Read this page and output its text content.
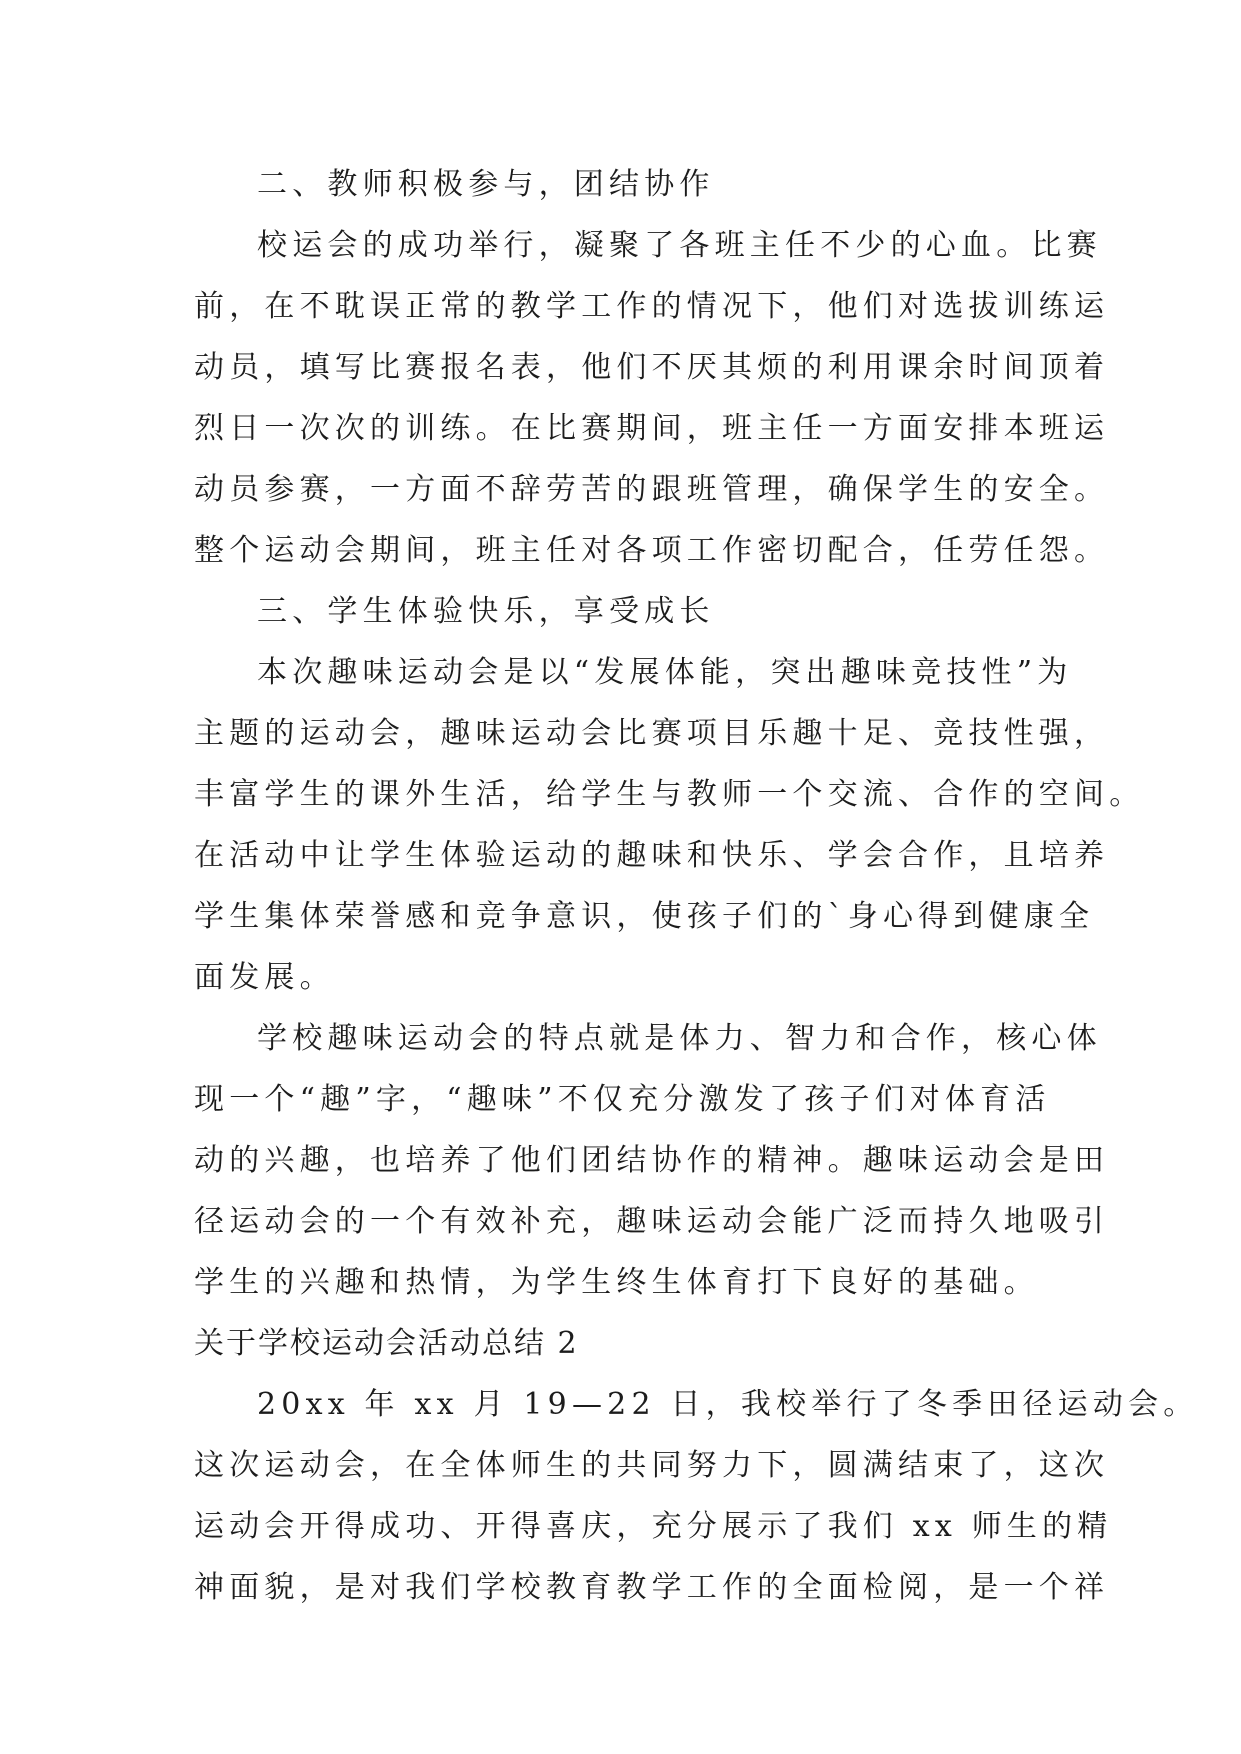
二、教师积极参与，团结协作
校运会的成功举行，凝聚了各班主任不少的心血。比赛
前，在不耽误正常的教学工作的情况下，他们对选拔训练运
动员，填写比赛报名表，他们不厌其烦的利用课余时间顶着
烈日一次次的训练。在比赛期间，班主任一方面安排本班运
动员参赛，一方面不辞劳苦的跟班管理，确保学生的安全。
整个运动会期间，班主任对各项工作密切配合，任劳任怨。
三、学生体验快乐，享受成长
本次趣味运动会是以“发展体能，突出趣味竞技性”为
主题的运动会，趣味运动会比赛项目乐趣十足、竞技性强，
丰富学生的课外生活，给学生与教师一个交流、合作的空间。
在活动中让学生体验运动的趣味和快乐、学会合作，且培养
学生集体荣誉感和竞争意识，使孩子们的`身心得到健康全
面发展。
学校趣味运动会的特点就是体力、智力和合作，核心体
现一个“趣”字，“趣味”不仅充分激发了孩子们对体育活
动的兴趣，也培养了他们团结协作的精神。趣味运动会是田
径运动会的一个有效补充，趣味运动会能广泛而持久地吸引
学生的兴趣和热情，为学生终生体育打下良好的基础。
关于学校运动会活动总结 2
20xx 年 xx 月 19—22 日，我校举行了冬季田径运动会。
这次运动会，在全体师生的共同努力下，圆满结束了，这次
运动会开得成功、开得喜庆，充分展示了我们 xx 师生的精
神面貌，是对我们学校教育教学工作的全面检阅，是一个祥
